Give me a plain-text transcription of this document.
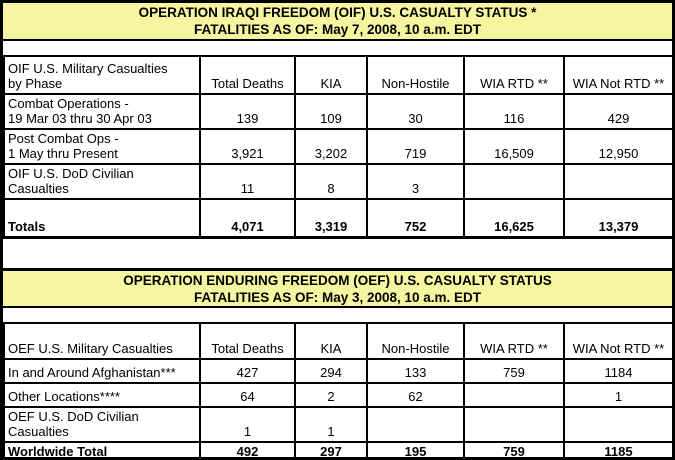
OPERATION IRAQI FREEDOM (OIF) U.S. CASUALTY STATUS *
FATALITIES AS OF: May 7, 2008, 10 a.m. EDT
OIF U.S. Military Casualties
by Phase	Total Deaths	KIA	Non-Hostile	WIA RTD **	WIA Not RTD **

Combat Operations -
19 Mar 03 thru 30 Apr 03	139	109	30	116	429

Post Combat Ops -
1 May thru Present	3,921	3,202	719	16,509	12,950

OIF U.S. DoD Civilian
Casualties	11	8	3		
Totals	4,071	3,319	752	16,625	13,379
OPERATION ENDURING FREEDOM (OEF) U.S. CASUALTY STATUS
FATALITIES AS OF: May 3, 2008, 10 a.m. EDT
OEF U.S. Military Casualties	Total Deaths	KIA	Non-Hostile	WIA RTD **	WIA Not RTD **
In and Around Afghanistan***	427	294	133	759	1184
Other Locations****	64	2	62		1

OEF U.S. DoD Civilian
Casualties	1	1			
Worldwide Total	492	297	195	759	1185
